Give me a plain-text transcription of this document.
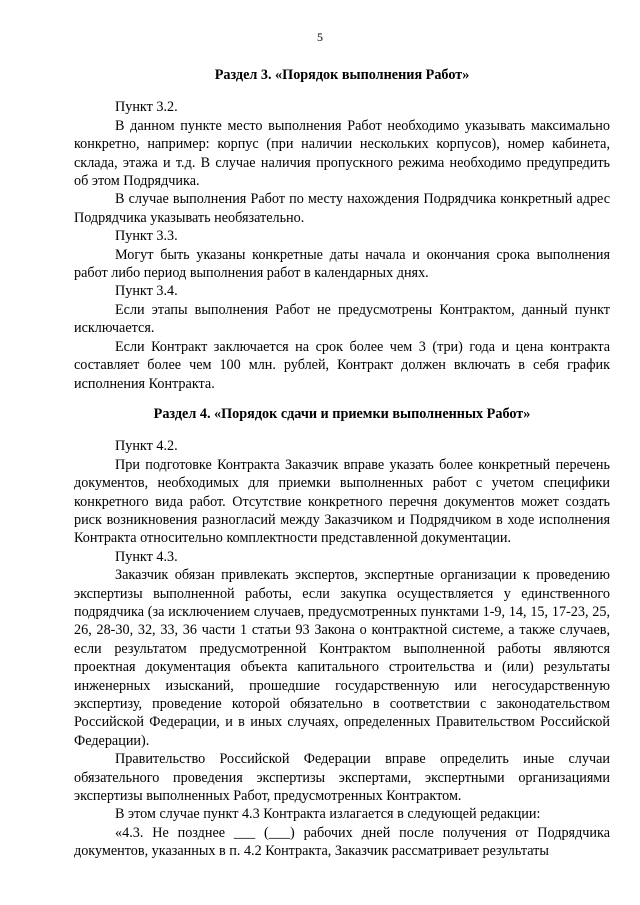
5
Раздел 3. «Порядок выполнения Работ»

Пункт 3.2.

В данном пункте место выполнения Работ необходимо указывать максимально конкретно, например: корпус (при наличии нескольких корпусов), номер кабинета, склада, этажа и т.д. В случае наличия пропускного режима необходимо предупредить об этом Подрядчика.

В случае выполнения Работ по месту нахождения Подрядчика конкретный адрес Подрядчика указывать необязательно.

Пункт 3.3.

Могут быть указаны конкретные даты начала и окончания срока выполнения работ либо период выполнения работ в календарных днях.

Пункт 3.4.

Если этапы выполнения Работ не предусмотрены Контрактом, данный пункт исключается.

Если Контракт заключается на срок более чем 3 (три) года и цена контракта составляет более чем 100 млн. рублей, Контракт должен включать в себя график исполнения Контракта.

Раздел 4. «Порядок сдачи и приемки выполненных Работ»

Пункт 4.2.

При подготовке Контракта Заказчик вправе указать более конкретный перечень документов, необходимых для приемки выполненных работ с учетом специфики конкретного вида работ. Отсутствие конкретного перечня документов может создать риск возникновения разногласий между Заказчиком и Подрядчиком в ходе исполнения Контракта относительно комплектности представленной документации.

Пункт 4.3.

Заказчик обязан привлекать экспертов, экспертные организации к проведению экспертизы выполненной работы, если закупка осуществляется у единственного подрядчика (за исключением случаев, предусмотренных пунктами 1-9, 14, 15, 17-23, 25, 26, 28-30, 32, 33, 36 части 1 статьи 93 Закона о контрактной системе, а также случаев, если результатом предусмотренной Контрактом выполненной работы являются проектная документация объекта капитального строительства и (или) результаты инженерных изысканий, прошедшие государственную или негосударственную экспертизу, проведение которой обязательно в соответствии с законодательством Российской Федерации, и в иных случаях, определенных Правительством Российской Федерации).

Правительство Российской Федерации вправе определить иные случаи обязательного проведения экспертизы экспертами, экспертными организациями экспертизы выполненных Работ, предусмотренных Контрактом.

В этом случае пункт 4.3 Контракта излагается в следующей редакции:

«4.3. Не позднее ___ (___) рабочих дней после получения от Подрядчика документов, указанных в п. 4.2 Контракта, Заказчик рассматривает результаты
